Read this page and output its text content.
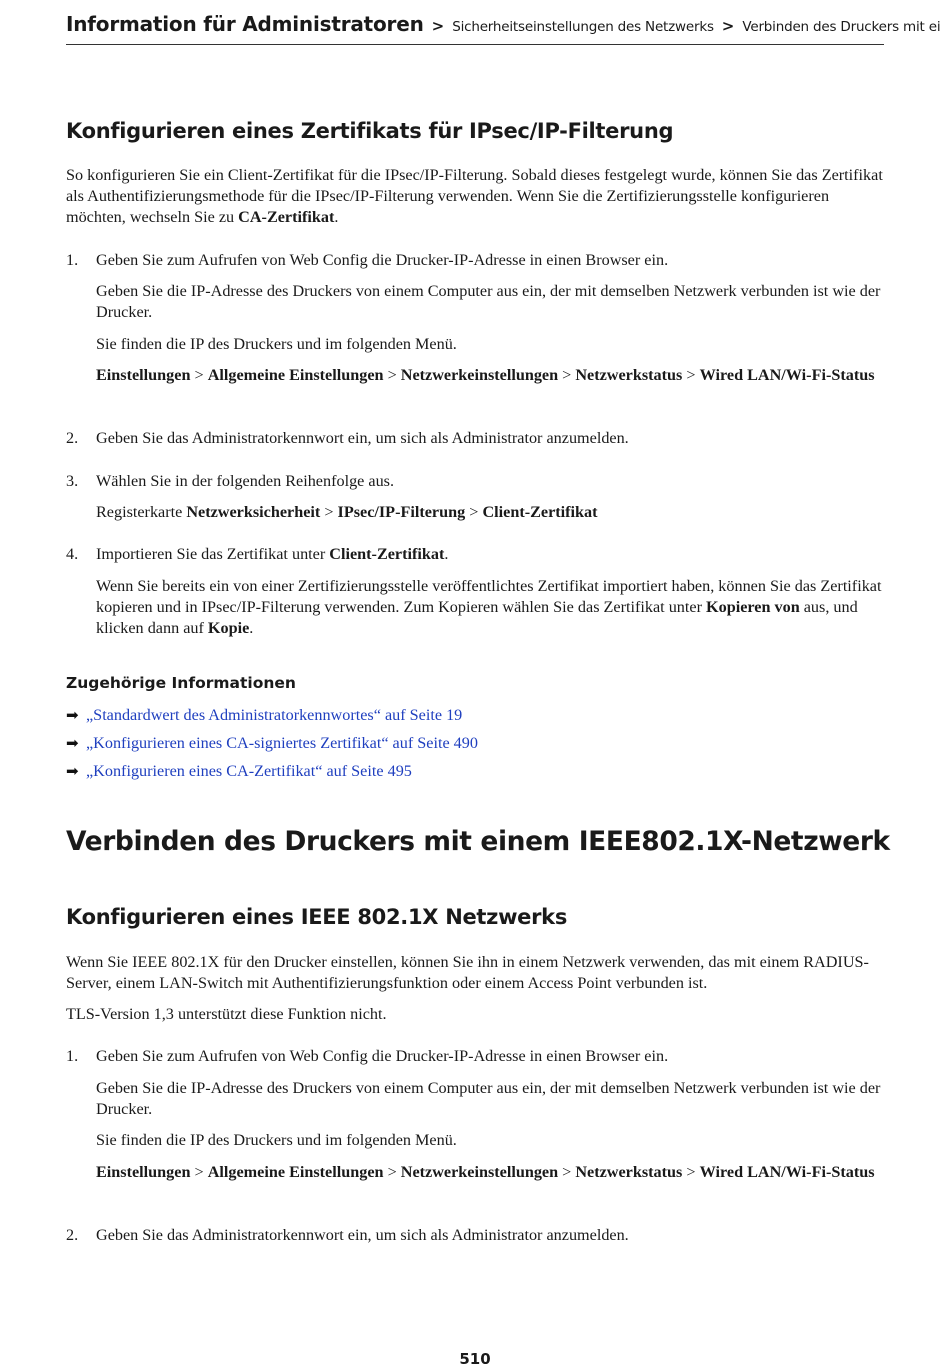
Information für Administratoren > Sicherheitseinstellungen des Netzwerks > Verbinden des Druckers mit ei
Konfigurieren eines Zertifikats für IPsec/IP-Filterung

So konfigurieren Sie ein Client-Zertifikat für die IPsec/IP-Filterung. Sobald dieses festgelegt wurde, können Sie das Zertifikat als Authentifizierungsmethode für die IPsec/IP-Filterung verwenden. Wenn Sie die Zertifizierungsstelle konfigurieren möchten, wechseln Sie zu CA-Zertifikat.

1. Geben Sie zum Aufrufen von Web Config die Drucker-IP-Adresse in einen Browser ein.

Geben Sie die IP-Adresse des Druckers von einem Computer aus ein, der mit demselben Netzwerk verbunden ist wie der Drucker.

Sie finden die IP des Druckers und im folgenden Menü.

Einstellungen > Allgemeine Einstellungen > Netzwerkeinstellungen > Netzwerkstatus > Wired LAN/Wi-Fi-Status

2. Geben Sie das Administratorkennwort ein, um sich als Administrator anzumelden.
3. Wählen Sie in der folgenden Reihenfolge aus.

Registerkarte Netzwerksicherheit > IPsec/IP-Filterung > Client-Zertifikat

4. Importieren Sie das Zertifikat unter Client-Zertifikat.

Wenn Sie bereits ein von einer Zertifizierungsstelle veröffentlichtes Zertifikat importiert haben, können Sie das Zertifikat kopieren und in IPsec/IP-Filterung verwenden. Zum Kopieren wählen Sie das Zertifikat unter Kopieren von aus, und klicken dann auf Kopie.

Zugehörige Informationen
➡ „Standardwert des Administratorkennwortes“ auf Seite 19
➡ „Konfigurieren eines CA-signiertes Zertifikat“ auf Seite 490
➡ „Konfigurieren eines CA-Zertifikat“ auf Seite 495
Verbinden des Druckers mit einem IEEE802.1X-Netzwerk
Konfigurieren eines IEEE 802.1X Netzwerks

Wenn Sie IEEE 802.1X für den Drucker einstellen, können Sie ihn in einem Netzwerk verwenden, das mit einem RADIUS-Server, einem LAN-Switch mit Authentifizierungsfunktion oder einem Access Point verbunden ist.

TLS-Version 1,3 unterstützt diese Funktion nicht.

1. Geben Sie zum Aufrufen von Web Config die Drucker-IP-Adresse in einen Browser ein.

Geben Sie die IP-Adresse des Druckers von einem Computer aus ein, der mit demselben Netzwerk verbunden ist wie der Drucker.

Sie finden die IP des Druckers und im folgenden Menü.

Einstellungen > Allgemeine Einstellungen > Netzwerkeinstellungen > Netzwerkstatus > Wired LAN/Wi-Fi-Status

2. Geben Sie das Administratorkennwort ein, um sich als Administrator anzumelden.
510
